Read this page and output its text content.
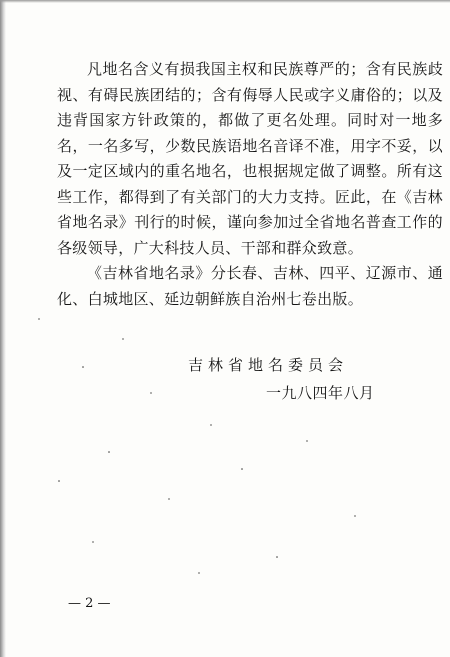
凡地名含义有损我国主权和民族尊严的；含有民族歧视、有碍民族团结的；含有侮辱人民或字义庸俗的；以及违背国家方针政策的，都做了更名处理。同时对一地多名，一名多写，少数民族语地名音译不准，用字不妥，以及一定区域内的重名地名，也根据规定做了调整。所有这些工作，都得到了有关部门的大力支持。匠此，在《吉林省地名录》刊行的时候，谨向参加过全省地名普查工作的各级领导，广大科技人员、干部和群众致意。

《吉林省地名录》分长春、吉林、四平、辽源市、通化、白城地区、延边朝鲜族自治州七卷出版。

吉林省地名委员会
一九八四年八月
— 2 —
